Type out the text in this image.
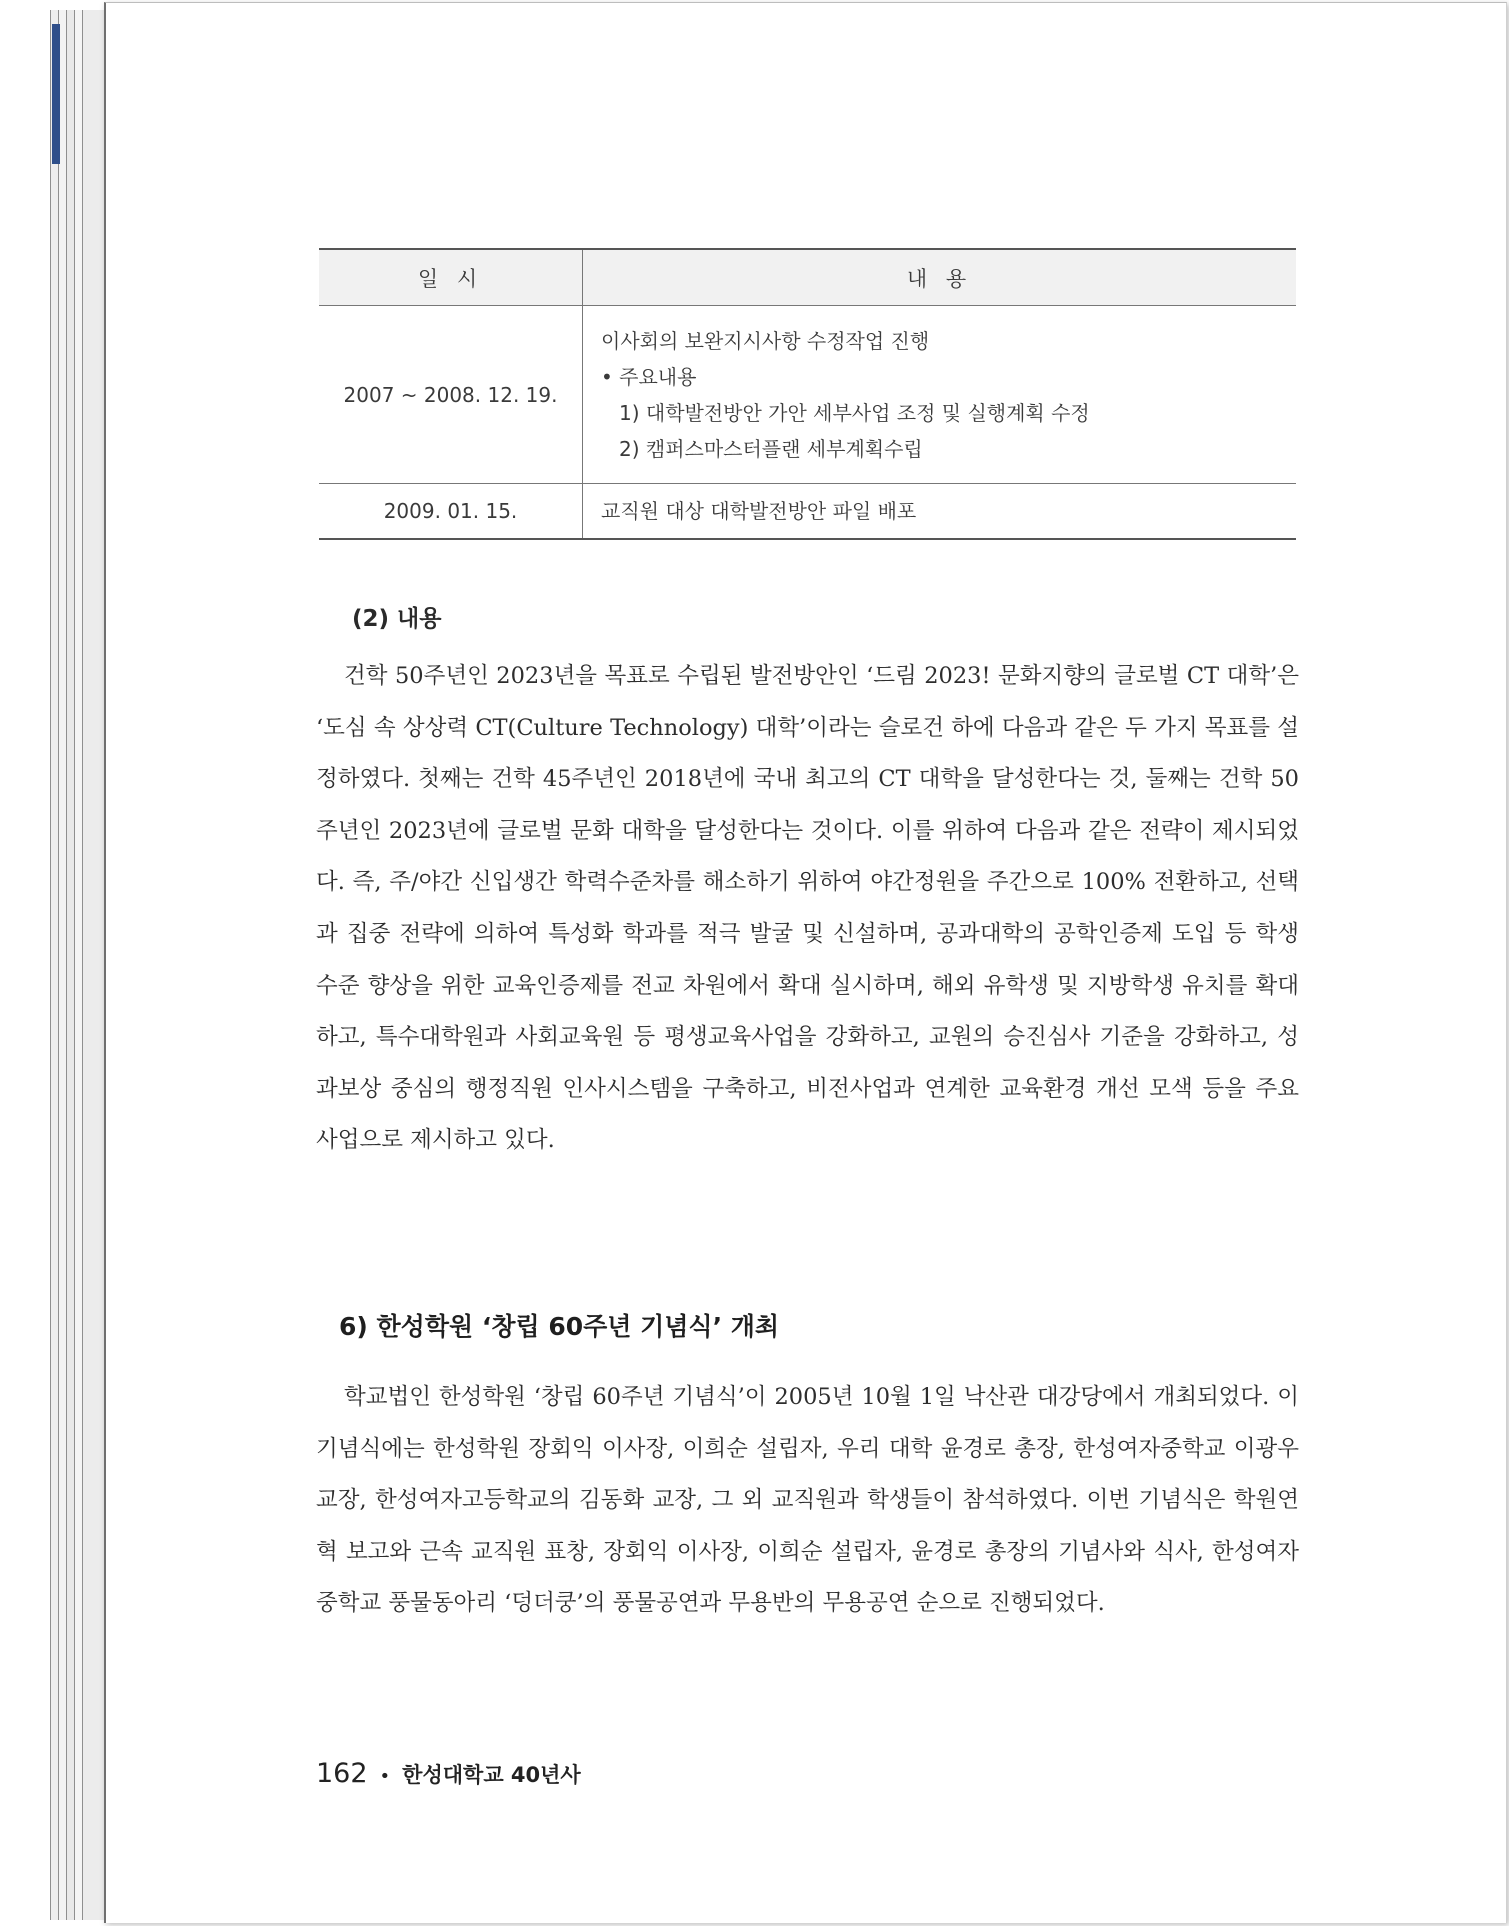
일 시	내 용
2007 ~ 2008. 12. 19.	이사회의 보완지시사항 수정작업 진행
• 주요내용
1) 대학발전방안 가안 세부사업 조정 및 실행계획 수정
2) 캠퍼스마스터플랜 세부계획수립

2009. 01. 15.	교직원 대상 대학발전방안 파일 배포
(2) 내용

건학 50주년인 2023년을 목표로 수립된 발전방안인 ‘드림 2023! 문화지향의 글로벌 CT 대학’은 ‘도심 속 상상력 CT(Culture Technology) 대학’이라는 슬로건 하에 다음과 같은 두 가지 목표를 설정하였다. 첫째는 건학 45주년인 2018년에 국내 최고의 CT 대학을 달성한다는 것, 둘째는 건학 50주년인 2023년에 글로벌 문화 대학을 달성한다는 것이다. 이를 위하여 다음과 같은 전략이 제시되었다. 즉, 주/야간 신입생간 학력수준차를 해소하기 위하여 야간정원을 주간으로 100% 전환하고, 선택과 집중 전략에 의하여 특성화 학과를 적극 발굴 및 신설하며, 공과대학의 공학인증제 도입 등 학생 수준 향상을 위한 교육인증제를 전교 차원에서 확대 실시하며, 해외 유학생 및 지방학생 유치를 확대하고, 특수대학원과 사회교육원 등 평생교육사업을 강화하고, 교원의 승진심사 기준을 강화하고, 성과보상 중심의 행정직원 인사시스템을 구축하고, 비전사업과 연계한 교육환경 개선 모색 등을 주요 사업으로 제시하고 있다.

6) 한성학원 ‘창립 60주년 기념식’ 개최

학교법인 한성학원 ‘창립 60주년 기념식’이 2005년 10월 1일 낙산관 대강당에서 개최되었다. 이 기념식에는 한성학원 장회익 이사장, 이희순 설립자, 우리 대학 윤경로 총장, 한성여자중학교 이광우 교장, 한성여자고등학교의 김동화 교장, 그 외 교직원과 학생들이 참석하였다. 이번 기념식은 학원연혁 보고와 근속 교직원 표창, 장회익 이사장, 이희순 설립자, 윤경로 총장의 기념사와 식사, 한성여자중학교 풍물동아리 ‘덩더쿵’의 풍물공연과 무용반의 무용공연 순으로 진행되었다.

162 • 한성대학교 40년사
